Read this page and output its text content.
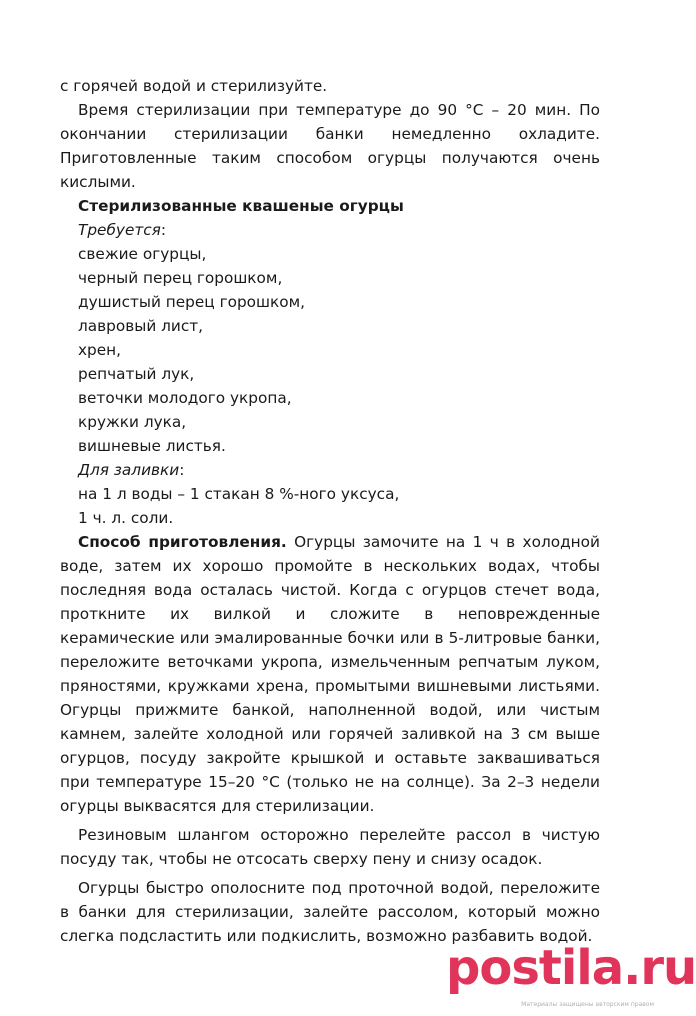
с горячей водой и стерилизуйте.

Время стерилизации при температуре до 90 °С – 20 мин. По окончании стерилизации банки немедленно охладите. Приготовленные таким способом огурцы получаются очень кислыми.

Стерилизованные квашеные огурцы

Требуется:

свежие огурцы,

черный перец горошком,

душистый перец горошком,

лавровый лист,

хрен,

репчатый лук,

веточки молодого укропа,

кружки лука,

вишневые листья.

Для заливки:

на 1 л воды – 1 стакан 8 %-ного уксуса,

1 ч. л. соли.

Способ приготовления. Огурцы замочите на 1 ч в холодной воде, затем их хорошо промойте в нескольких водах, чтобы последняя вода осталась чистой. Когда с огурцов стечет вода, проткните их вилкой и сложите в неповрежденные керамические или эмалированные бочки или в 5-литровые банки, переложите веточками укропа, измельченным репчатым луком, пряностями, кружками хрена, промытыми вишневыми листьями. Огурцы прижмите банкой, наполненной водой, или чистым камнем, залейте холодной или горячей заливкой на 3 см выше огурцов, посуду закройте крышкой и оставьте заквашиваться при температуре 15–20 °С (только не на солнце). За 2–3 недели огурцы выквасятся для стерилизации.

Резиновым шлангом осторожно перелейте рассол в чистую посуду так, чтобы не отсосать сверху пену и снизу осадок.

Огурцы быстро ополосните под проточной водой, переложите в банки для стерилизации, залейте рассолом, который можно слегка подсластить или подкислить, возможно разбавить водой.

postila.ru
Материалы защищены авторским правом
